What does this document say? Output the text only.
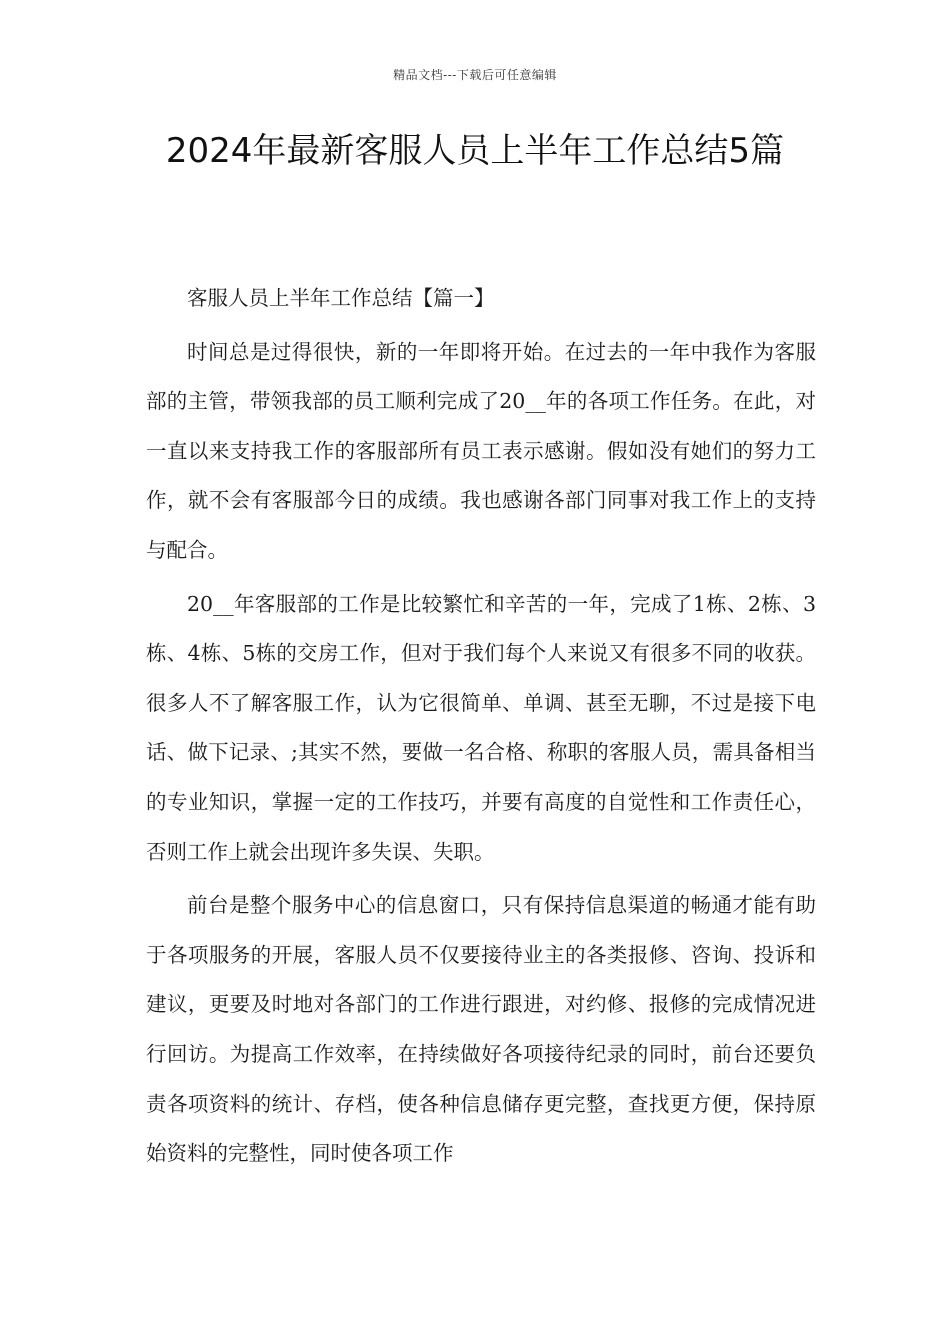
精品文档---下载后可任意编辑
2024年最新客服人员上半年工作总结5篇

客服人员上半年工作总结【篇一】

时间总是过得很快，新的一年即将开始。在过去的一年中我作为客服部的主管，带领我部的员工顺利完成了20__年的各项工作任务。在此，对一直以来支持我工作的客服部所有员工表示感谢。假如没有她们的努力工作，就不会有客服部今日的成绩。我也感谢各部门同事对我工作上的支持与配合。

20__年客服部的工作是比较繁忙和辛苦的一年，完成了1栋、2栋、3栋、4栋、5栋的交房工作，但对于我们每个人来说又有很多不同的收获。很多人不了解客服工作，认为它很简单、单调、甚至无聊，不过是接下电话、做下记录、;其实不然，要做一名合格、称职的客服人员，需具备相当的专业知识，掌握一定的工作技巧，并要有高度的自觉性和工作责任心，否则工作上就会出现许多失误、失职。

前台是整个服务中心的信息窗口，只有保持信息渠道的畅通才能有助于各项服务的开展，客服人员不仅要接待业主的各类报修、咨询、投诉和建议，更要及时地对各部门的工作进行跟进，对约修、报修的完成情况进行回访。为提高工作效率，在持续做好各项接待纪录的同时，前台还要负责各项资料的统计、存档，使各种信息储存更完整，查找更方便，保持原始资料的完整性，同时使各项工作
